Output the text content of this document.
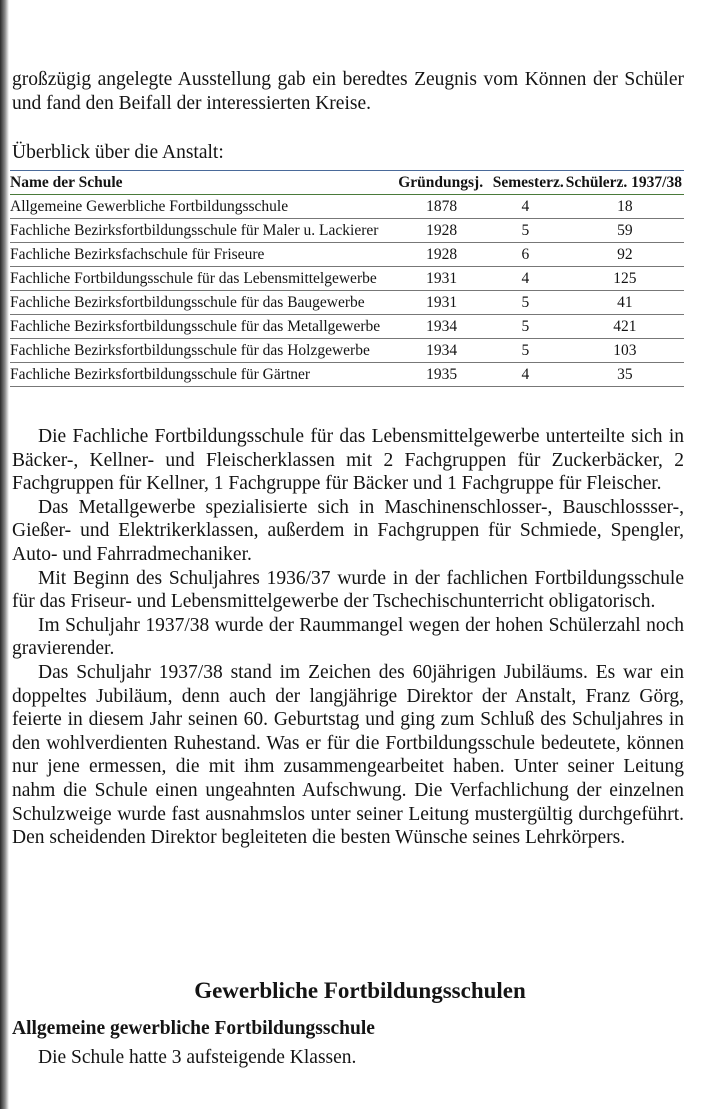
großzügig angelegte Ausstellung gab ein beredtes Zeugnis vom Können der Schüler und fand den Beifall der interessierten Kreise.

Überblick über die Anstalt:

Name der Schule	Gründungsj.	Semesterz.	Schülerz. 1937/38

Allgemeine Gewerbliche Fortbildungsschule	1878	4	18
Fachliche Bezirksfortbildungsschule für Maler u. Lackierer	1928	5	59
Fachliche Bezirksfachschule für Friseure	1928	6	92
Fachliche Fortbildungsschule für das Lebensmittelgewerbe	1931	4	125
Fachliche Bezirksfortbildungsschule für das Baugewerbe	1931	5	41
Fachliche Bezirksfortbildungsschule für das Metallgewerbe	1934	5	421
Fachliche Bezirksfortbildungsschule für das Holzgewerbe	1934	5	103
Fachliche Bezirksfortbildungsschule für Gärtner	1935	4	35

Die Fachliche Fortbildungsschule für das Lebensmittelgewerbe unterteilte sich in Bäcker-, Kellner- und Fleischerklassen mit 2 Fachgruppen für Zuckerbäcker, 2 Fachgruppen für Kellner, 1 Fachgruppe für Bäcker und 1 Fachgruppe für Fleischer.

Das Metallgewerbe spezialisierte sich in Maschinenschlosser-, Bauschlossser-, Gießer- und Elektrikerklassen, außerdem in Fachgruppen für Schmiede, Spengler, Auto- und Fahrradmechaniker.

Mit Beginn des Schuljahres 1936/37 wurde in der fachlichen Fortbildungsschule für das Friseur- und Lebensmittelgewerbe der Tschechischunterricht obligatorisch.

Im Schuljahr 1937/38 wurde der Raummangel wegen der hohen Schülerzahl noch gravierender.

Das Schuljahr 1937/38 stand im Zeichen des 60jährigen Jubiläums. Es war ein doppeltes Jubiläum, denn auch der langjährige Direktor der Anstalt, Franz Görg, feierte in diesem Jahr seinen 60. Geburtstag und ging zum Schluß des Schuljahres in den wohlverdienten Ruhestand. Was er für die Fortbildungsschule bedeutete, können nur jene ermessen, die mit ihm zusammengearbeitet haben. Unter seiner Leitung nahm die Schule einen ungeahnten Aufschwung. Die Verfachlichung der einzelnen Schulzweige wurde fast ausnahmslos unter seiner Leitung mustergültig durchgeführt. Den scheidenden Direktor begleiteten die besten Wünsche seines Lehrkörpers.

Gewerbliche Fortbildungsschulen
Allgemeine gewerbliche Fortbildungsschule

Die Schule hatte 3 aufsteigende Klassen.
